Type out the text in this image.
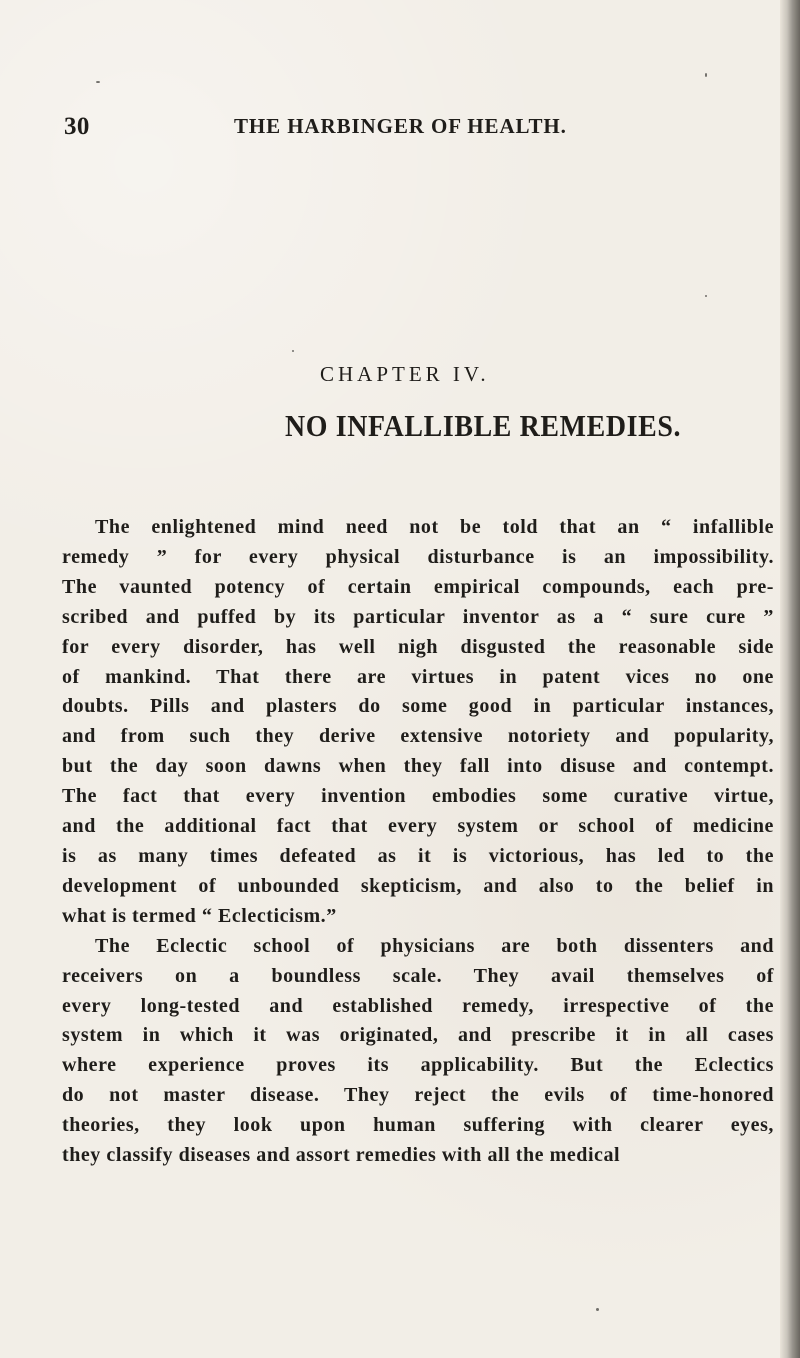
30	THE HARBINGER OF HEALTH.
CHAPTER IV.
NO INFALLIBLE REMEDIES.
The enlightened mind need not be told that an “ infallible
remedy ” for every physical disturbance is an impossibility.
The vaunted potency of certain empirical compounds, each pre-
scribed and puffed by its particular inventor as a “ sure cure ”
for every disorder, has well nigh disgusted the reasonable side
of mankind. That there are virtues in patent vices no one
doubts. Pills and plasters do some good in particular instances,
and from such they derive extensive notoriety and popularity,
but the day soon dawns when they fall into disuse and contempt.
The fact that every invention embodies some curative virtue,
and the additional fact that every system or school of medicine
is as many times defeated as it is victorious, has led to the
development of unbounded skepticism, and also to the belief in
what is termed “ Eclecticism.”
The Eclectic school of physicians are both dissenters and
receivers on a boundless scale. They avail themselves of
every long-tested and established remedy, irrespective of the
system in which it was originated, and prescribe it in all cases
where experience proves its applicability. But the Eclectics
do not master disease. They reject the evils of time-honored
theories, they look upon human suffering with clearer eyes,
they classify diseases and assort remedies with all the medical
